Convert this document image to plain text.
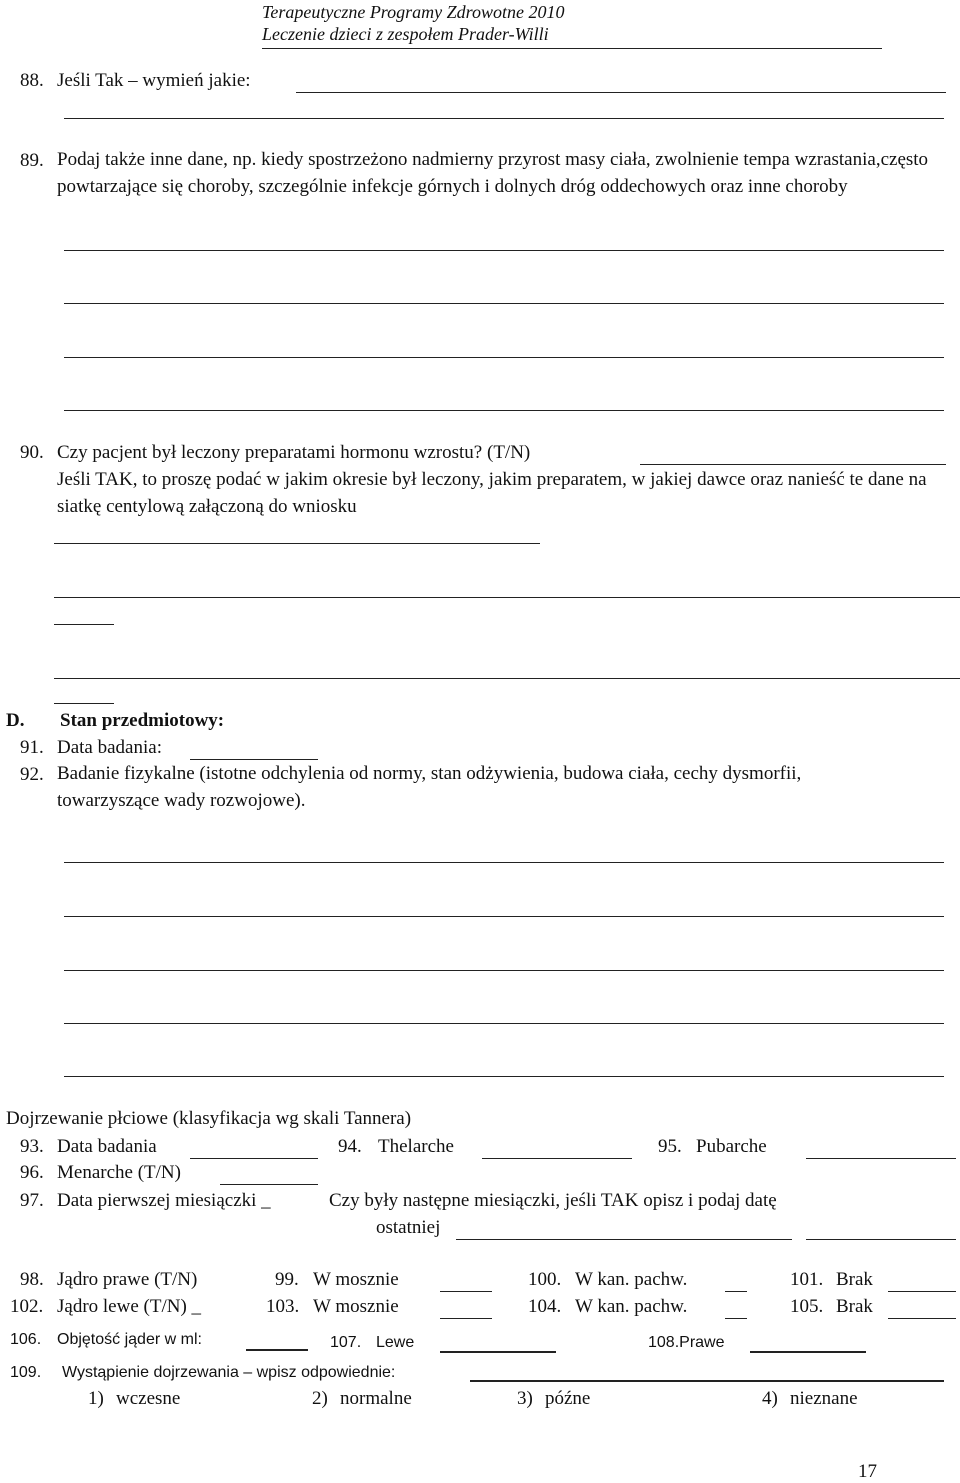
Terapeutyczne Programy Zdrowotne 2010
Leczenie dzieci z zespołem Prader-Willi
88. Jeśli Tak – wymień jakie:
89. Podaj także inne dane, np. kiedy spostrzeżono nadmierny przyrost masy ciała, zwolnienie tempa wzrastania,często powtarzające się choroby, szczególnie infekcje górnych i dolnych dróg oddechowych oraz inne choroby
90. Czy pacjent był leczony preparatami hormonu wzrostu? (T/N)
Jeśli TAK, to proszę podać w jakim okresie był leczony, jakim preparatem, w jakiej dawce oraz nanieść te dane na siatkę centylową załączoną do wniosku
D. Stan przedmiotowy:
91. Data badania:
92. Badanie fizykalne (istotne odchylenia od normy, stan odżywienia, budowa ciała, cechy dysmorfii, towarzyszące wady rozwojowe).
Dojrzewanie płciowe (klasyfikacja wg skali Tannera)
93. Data badania	94. Thelarche	95. Pubarche
96. Menarche (T/N)
97. Data pierwszej miesiączki _	Czy były następne miesiączki, jeśli TAK opisz i podaj datę
ostatniej
98. Jądro prawe (T/N)	99. W mosznie	100. W kan. pachw.	101. Brak
102. Jądro lewe (T/N) _	103. W mosznie	104. W kan. pachw.	105. Brak
106. Objętość jąder w ml:	107. Lewe	108.Prawe
109. Wystąpienie dojrzewania – wpisz odpowiednie:
1) wczesne	2) normalne	3) późne	4) nieznane
17
